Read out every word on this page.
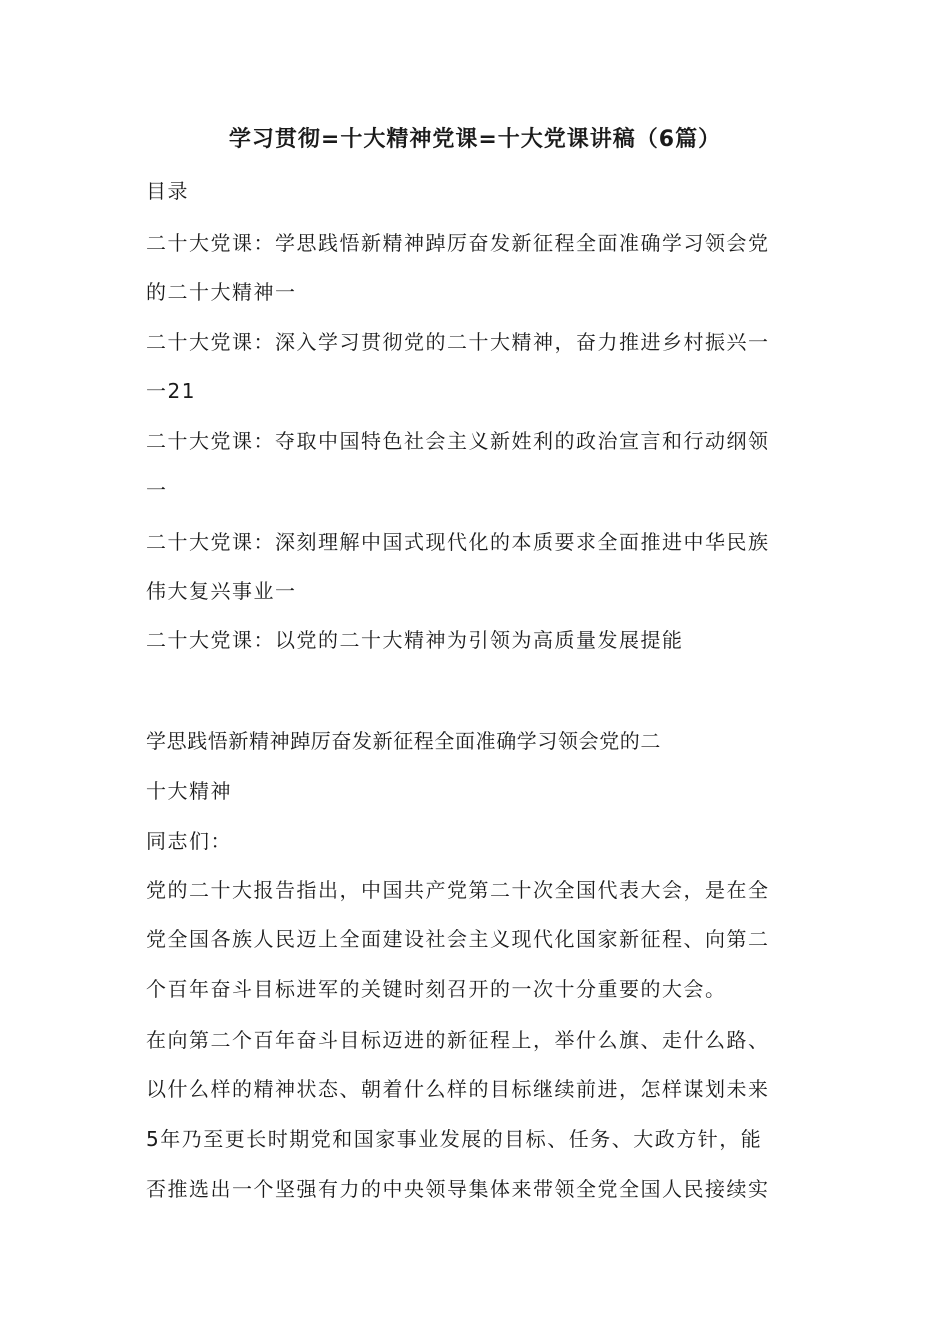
学习贯彻=十大精神党课=十大党课讲稿（6篇）
目录
二十大党课：学思践悟新精神踔厉奋发新征程全面准确学习领会党
的二十大精神一
二十大党课：深入学习贯彻党的二十大精神，奋力推进乡村振兴一
一21
二十大党课：夺取中国特色社会主义新姓利的政治宣言和行动纲领
一
二十大党课：深刻理解中国式现代化的本质要求全面推进中华民族
伟大复兴事业一
二十大党课：以党的二十大精神为引领为高质量发展提能
学思践悟新精神踔厉奋发新征程全面准确学习领会党的二
十大精神
同志们：
党的二十大报告指出，中国共产党第二十次全国代表大会，是在全
党全国各族人民迈上全面建设社会主义现代化国家新征程、向第二
个百年奋斗目标进军的关键时刻召开的一次十分重要的大会。
在向第二个百年奋斗目标迈进的新征程上，举什么旗、走什么路、
以什么样的精神状态、朝着什么样的目标继续前进，怎样谋划未来
5年乃至更长时期党和国家事业发展的目标、任务、大政方针，能
否推选出一个坚强有力的中央领导集体来带领全党全国人民接续实
